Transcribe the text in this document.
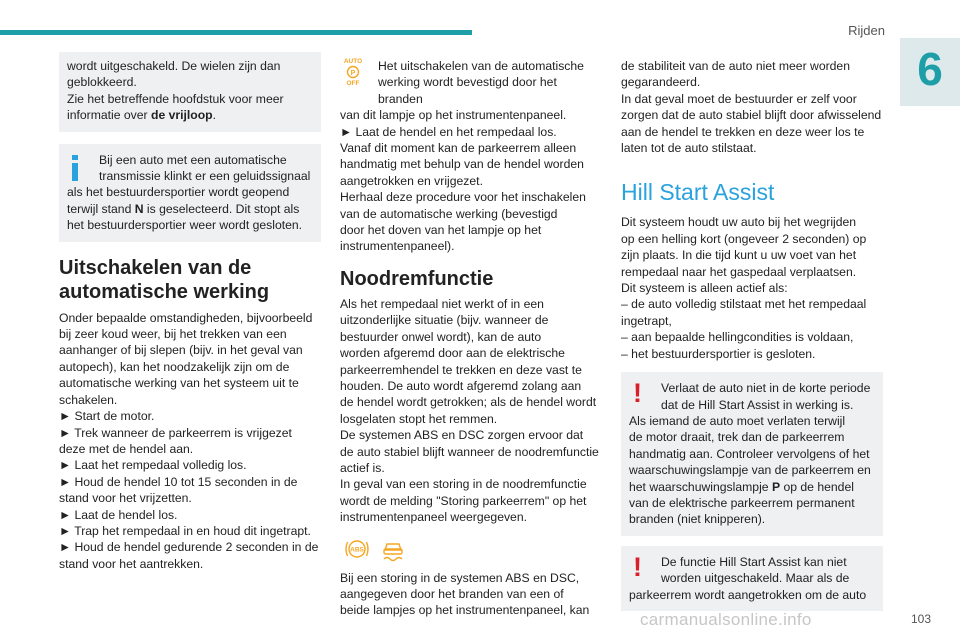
Rijden
6

wordt uitgeschakeld. De wielen zijn dan

geblokkeerd.

Zie het betreffende hoofdstuk voor meer

informatie over de vrijloop.

Bij een auto met een automatische

transmissie klinkt er een geluidssignaal

als het bestuurdersportier wordt geopend

terwijl stand N is geselecteerd. Dit stopt als

het bestuurdersportier weer wordt gesloten.

Uitschakelen van de
automatische werking

Onder bepaalde omstandigheden, bijvoorbeeld

bij zeer koud weer, bij het trekken van een

aanhanger of bij slepen (bijv. in het geval van

autopech), kan het noodzakelijk zijn om de

automatische werking van het systeem uit te

schakelen.

► Start de motor.

► Trek wanneer de parkeerrem is vrijgezet

deze met de hendel aan.

► Laat het rempedaal volledig los.

► Houd de hendel 10 tot 15 seconden in de

stand voor het vrijzetten.

► Laat de hendel los.

► Trap het rempedaal in en houd dit ingetrapt.

► Houd de hendel gedurende 2 seconden in de

stand voor het aantrekken.

AUTO
P
OFF

Het uitschakelen van de automatische

werking wordt bevestigd door het branden

van dit lampje op het instrumentenpaneel.

► Laat de hendel en het rempedaal los.

Vanaf dit moment kan de parkeerrem alleen

handmatig met behulp van de hendel worden

aangetrokken en vrijgezet.

Herhaal deze procedure voor het inschakelen

van de automatische werking (bevestigd

door het doven van het lampje op het

instrumentenpaneel).

Noodremfunctie

Als het rempedaal niet werkt of in een

uitzonderlijke situatie (bijv. wanneer de

bestuurder onwel wordt), kan de auto

worden afgeremd door aan de elektrische

parkeerremhendel te trekken en deze vast te

houden. De auto wordt afgeremd zolang aan

de hendel wordt getrokken; als de hendel wordt

losgelaten stopt het remmen.

De systemen ABS en DSC zorgen ervoor dat

de auto stabiel blijft wanneer de noodremfunctie

actief is.

In geval van een storing in de noodremfunctie

wordt de melding "Storing parkeerrem" op het

instrumentenpaneel weergegeven.

ABS

Bij een storing in de systemen ABS en DSC,

aangegeven door het branden van een of

beide lampjes op het instrumentenpaneel, kan

de stabiliteit van de auto niet meer worden

gegarandeerd.

In dat geval moet de bestuurder er zelf voor

zorgen dat de auto stabiel blijft door afwisselend

aan de hendel te trekken en deze weer los te

laten tot de auto stilstaat.

Hill Start Assist

Dit systeem houdt uw auto bij het wegrijden

op een helling kort (ongeveer 2 seconden) op

zijn plaats. In die tijd kunt u uw voet van het

rempedaal naar het gaspedaal verplaatsen.

Dit systeem is alleen actief als:

– de auto volledig stilstaat met het rempedaal

ingetrapt,

– aan bepaalde hellingcondities is voldaan,

– het bestuurdersportier is gesloten.

!	Verlaat de auto niet in de korte periode

dat de Hill Start Assist in werking is.

Als iemand de auto moet verlaten terwijl

de motor draait, trek dan de parkeerrem

handmatig aan. Controleer vervolgens of het

waarschuwingslampje van de parkeerrem en

het waarschuwingslampje P op de hendel

van de elektrische parkeerrem permanent

branden (niet knipperen).

!	De functie Hill Start Assist kan niet

worden uitgeschakeld. Maar als de

parkeerrem wordt aangetrokken om de auto

carmanualsonline.info	103
